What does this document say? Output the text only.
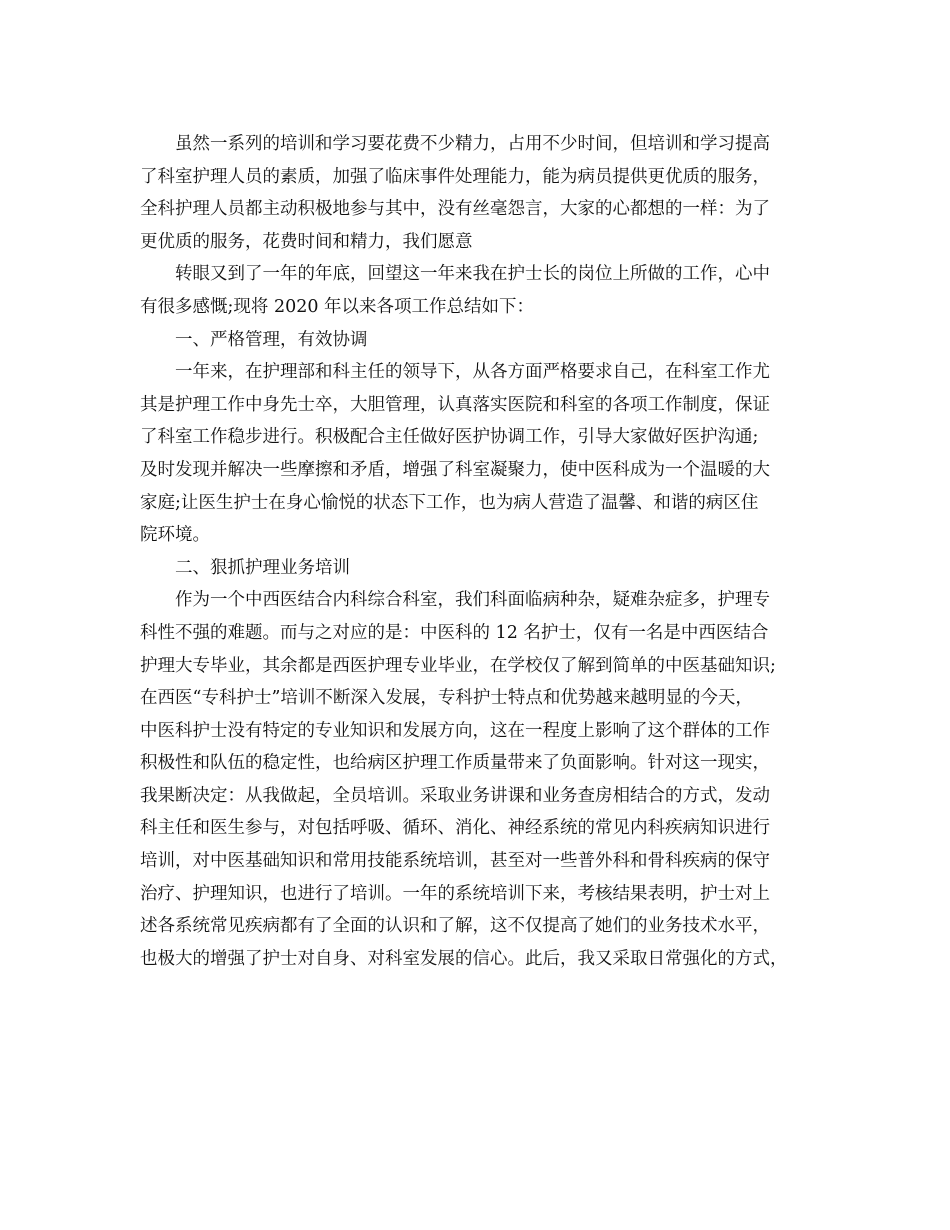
虽然一系列的培训和学习要花费不少精力，占用不少时间，但培训和学习提高
了科室护理人员的素质，加强了临床事件处理能力，能为病员提供更优质的服务，
全科护理人员都主动积极地参与其中，没有丝毫怨言，大家的心都想的一样：为了
更优质的服务，花费时间和精力，我们愿意
转眼又到了一年的年底，回望这一年来我在护士长的岗位上所做的工作，心中
有很多感慨;现将 2020 年以来各项工作总结如下：
一、严格管理，有效协调
一年来，在护理部和科主任的领导下，从各方面严格要求自己，在科室工作尤
其是护理工作中身先士卒，大胆管理，认真落实医院和科室的各项工作制度，保证
了科室工作稳步进行。积极配合主任做好医护协调工作，引导大家做好医护沟通;
及时发现并解决一些摩擦和矛盾，增强了科室凝聚力，使中医科成为一个温暖的大
家庭;让医生护士在身心愉悦的状态下工作，也为病人营造了温馨、和谐的病区住
院环境。
二、狠抓护理业务培训
作为一个中西医结合内科综合科室，我们科面临病种杂，疑难杂症多，护理专
科性不强的难题。而与之对应的是：中医科的 12 名护士，仅有一名是中西医结合
护理大专毕业，其余都是西医护理专业毕业，在学校仅了解到简单的中医基础知识;
在西医“专科护士”培训不断深入发展，专科护士特点和优势越来越明显的今天，
中医科护士没有特定的专业知识和发展方向，这在一程度上影响了这个群体的工作
积极性和队伍的稳定性，也给病区护理工作质量带来了负面影响。针对这一现实，
我果断决定：从我做起，全员培训。采取业务讲课和业务查房相结合的方式，发动
科主任和医生参与，对包括呼吸、循环、消化、神经系统的常见内科疾病知识进行
培训，对中医基础知识和常用技能系统培训，甚至对一些普外科和骨科疾病的保守
治疗、护理知识，也进行了培训。一年的系统培训下来，考核结果表明，护士对上
述各系统常见疾病都有了全面的认识和了解，这不仅提高了她们的业务技术水平，
也极大的增强了护士对自身、对科室发展的信心。此后，我又采取日常强化的方式，
